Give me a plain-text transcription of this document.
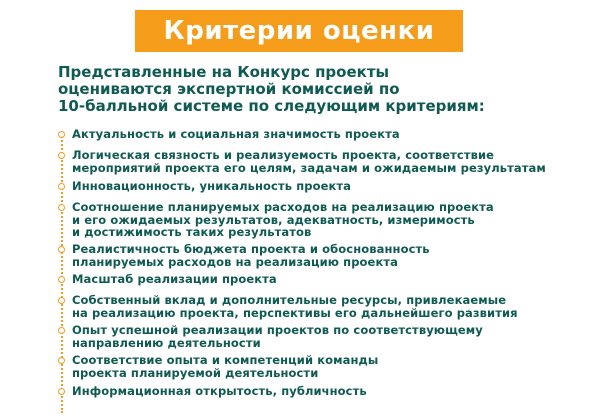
Критерии оценки
Представленные на Конкурс проекты
оцениваются экспертной комиссией по
10-балльной системе по следующим критериям:
Актуальность и социальная значимость проекта
Логическая связность и реализуемость проекта, соответствие
мероприятий проекта его целям, задачам и ожидаемым результатам
Инновационность, уникальность проекта
Соотношение планируемых расходов на реализацию проекта
и его ожидаемых результатов, адекватность, измеримость
и достижимость таких результатов
Реалистичность бюджета проекта и обоснованность
планируемых расходов на реализацию проекта
Масштаб реализации проекта
Собственный вклад и дополнительные ресурсы, привлекаемые
на реализацию проекта, перспективы его дальнейшего развития
Опыт успешной реализации проектов по соответствующему
направлению деятельности
Соответствие опыта и компетенций команды
проекта планируемой деятельности
Информационная открытость, публичность
